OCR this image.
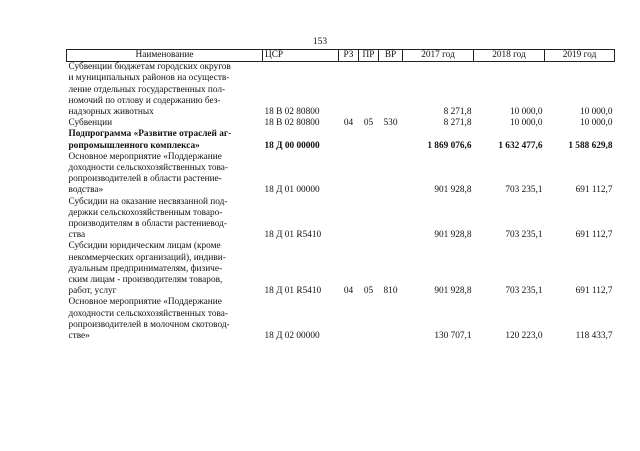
153
Наименование	ЦСР	РЗ	ПР	ВР	2017 год	2018 год	2019 год
Субвенции бюджетам городских округов
и муниципальных районов на осуществ-
ление отдельных государственных пол-
номочий по отлову и содержанию без-
надзорных животных	18 В 02 80800				8 271,8	10 000,0	10 000,0
Субвенции	18 В 02 80800	04	05	530	8 271,8	10 000,0	10 000,0
Подпрограмма «Развитие отраслей аг-
ропромышленного комплекса»	18 Д 00 00000				1 869 076,6	1 632 477,6	1 588 629,8
Основное мероприятие «Поддержание
доходности сельскохозяйственных това-
ропроизводителей в области растение-
водства»	18 Д 01 00000				901 928,8	703 235,1	691 112,7
Субсидии на оказание несвязанной под-
держки сельскохозяйственным товаро-
производителям в области растениевод-
ства	18 Д 01 R5410				901 928,8	703 235,1	691 112,7
Субсидии юридическим лицам (кроме
некоммерческих организаций), индиви-
дуальным предпринимателям, физиче-
ским лицам - производителям товаров,
работ, услуг	18 Д 01 R5410	04	05	810	901 928,8	703 235,1	691 112,7
Основное мероприятие «Поддержание
доходности сельскохозяйственных това-
ропроизводителей в молочном скотовод-
стве»	18 Д 02 00000				130 707,1	120 223,0	118 433,7
